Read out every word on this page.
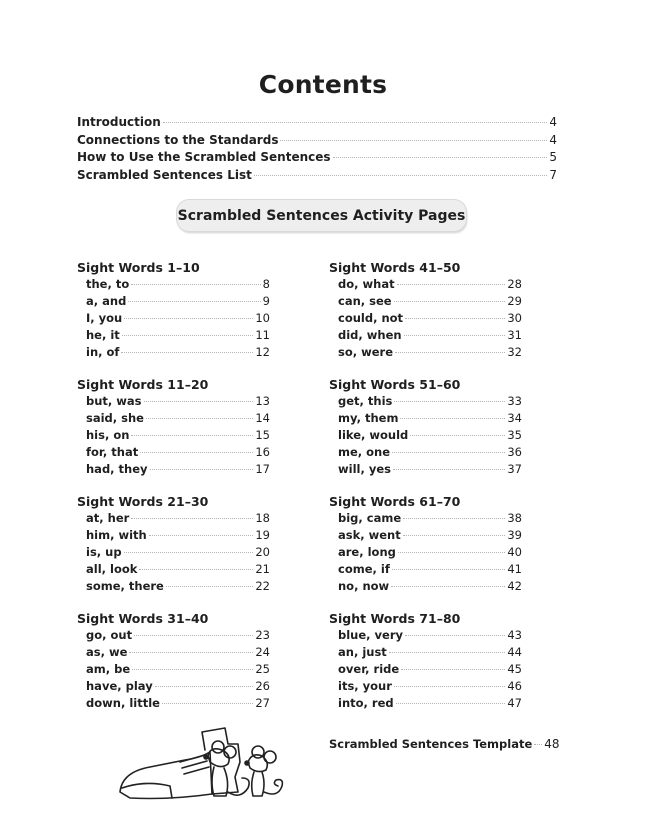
Contents
Introduction	4
Connections to the Standards	4
How to Use the Scrambled Sentences	5
Scrambled Sentences List	7
Scrambled Sentences Activity Pages
Sight Words 1–10
the, to	8
a, and	9
I, you	10
he, it	11
in, of	12
Sight Words 11–20
but, was	13
said, she	14
his, on	15
for, that	16
had, they	17
Sight Words 21–30
at, her	18
him, with	19
is, up	20
all, look	21
some, there	22
Sight Words 31–40
go, out	23
as, we	24
am, be	25
have, play	26
down, little	27
Sight Words 41–50
do, what	28
can, see	29
could, not	30
did, when	31
so, were	32
Sight Words 51–60
get, this	33
my, them	34
like, would	35
me, one	36
will, yes	37
Sight Words 61–70
big, came	38
ask, went	39
are, long	40
come, if	41
no, now	42
Sight Words 71–80
blue, very	43
an, just	44
over, ride	45
its, your	46
into, red	47
Scrambled Sentences Template 48
